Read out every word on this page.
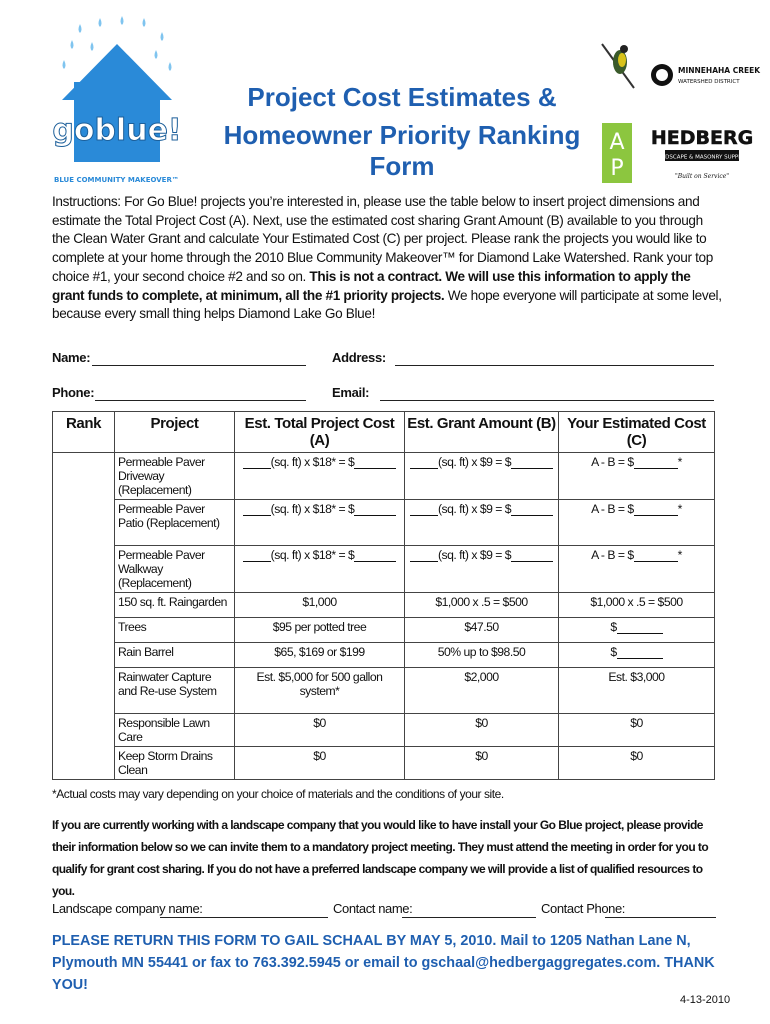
goblue!
BLUE COMMUNITY MAKEOVER™
Project Cost Estimates &
Homeowner Priority Ranking Form
MINNEHAHA CREEK
WATERSHED DISTRICT
A
P
HEDBERG
LANDSCAPE & MASONRY SUPPLIES
"Built on Service"
Instructions: For Go Blue! projects you’re interested in, please use the table below to insert project dimensions and estimate the Total Project Cost (A). Next, use the estimated cost sharing Grant Amount (B) available to you through the Clean Water Grant and calculate Your Estimated Cost (C) per project. Please rank the projects you would like to complete at your home through the 2010 Blue Community Makeover™ for Diamond Lake Watershed. Rank your top choice #1, your second choice #2 and so on. This is not a contract. We will use this information to apply the grant funds to complete, at minimum, all the #1 priority projects. We hope everyone will participate at some level, because every small thing helps Diamond Lake Go Blue!
Name:	Address:
Phone:	Email:
Rank	Project	Est. Total Project Cost (A)	Est. Grant Amount (B)	Your Estimated Cost (C)
	Permeable Paver Driveway (Replacement)	(sq. ft) x $18* = $	(sq. ft) x $9 = $	A - B = $ *
	Permeable Paver Patio (Replacement)	(sq. ft) x $18* = $	(sq. ft) x $9 = $	A - B = $ *
	Permeable Paver Walkway (Replacement)	(sq. ft) x $18* = $	(sq. ft) x $9 = $	A - B = $ *
	150 sq. ft. Raingarden	$1,000	$1,000 x .5 = $500	$1,000 x .5 = $500
	Trees	$95 per potted tree	$47.50	$
	Rain Barrel	$65, $169 or $199	50% up to $98.50	$
	Rainwater Capture and Re-use System	Est. $5,000 for 500 gallon system*	$2,000	Est. $3,000
	Responsible Lawn Care	$0	$0	$0
	Keep Storm Drains Clean	$0	$0	$0
*Actual costs may vary depending on your choice of materials and the conditions of your site.
If you are currently working with a landscape company that you would like to have install your Go Blue project, please provide their information below so we can invite them to a mandatory project meeting. They must attend the meeting in order for you to qualify for grant cost sharing. If you do not have a preferred landscape company we will provide a list of qualified resources to you.
Landscape company name:	Contact name:	Contact Phone:
PLEASE RETURN THIS FORM TO GAIL SCHAAL BY MAY 5, 2010. Mail to 1205 Nathan Lane N, Plymouth MN 55441 or fax to 763.392.5945 or email to gschaal@hedbergaggregates.com. THANK YOU!
4-13-2010
